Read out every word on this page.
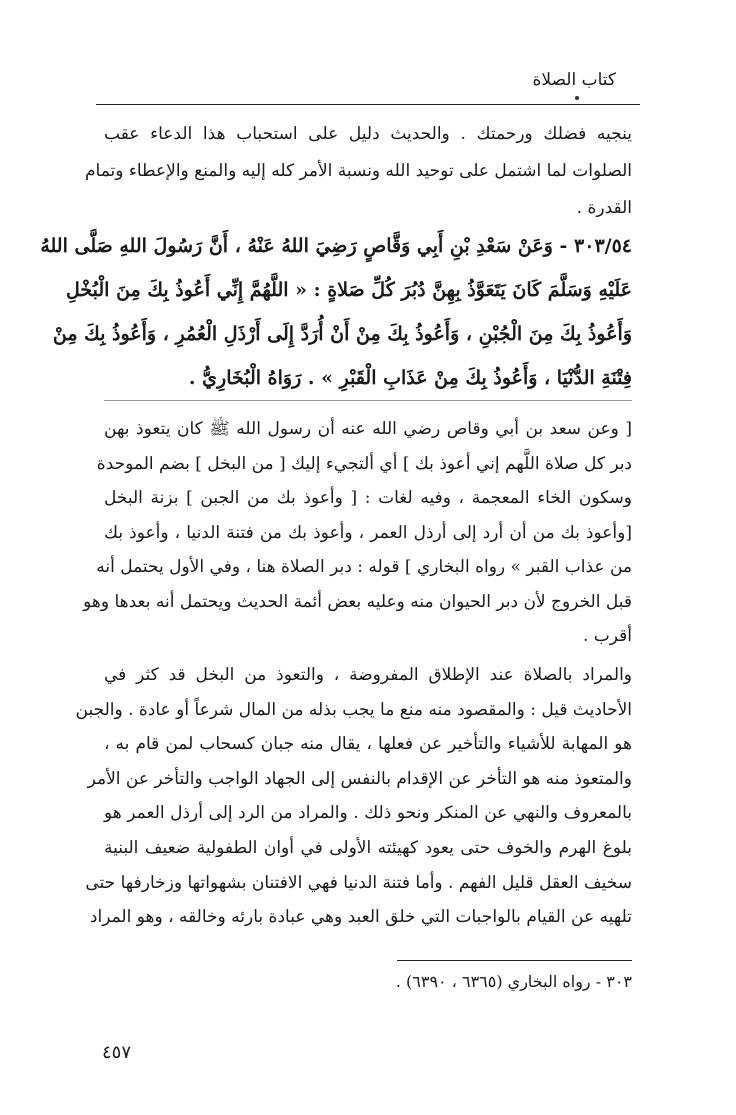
كتاب الصلاة
ينجيه فضلك ورحمتك . والحديث دليل على استحباب هذا الدعاء عقب
الصلوات لما اشتمل على توحيد الله ونسبة الأمر كله إليه والمنع والإعطاء وتمام
القدرة .
٣٠٣/٥٤ - وَعَنْ سَعْدِ بْنِ أَبِي وَقَّاصٍ رَضِيَ اللهُ عَنْهُ ، أَنَّ رَسُولَ اللهِ صَلَّى اللهُ
عَلَيْهِ وَسَلَّمَ كَانَ يَتَعَوَّذُ بِهِنَّ دُبُرَ كُلِّ صَلاةٍ : « اللَّهُمَّ إِنِّي أَعُوذُ بِكَ مِنَ الْبُخْلِ
وَأَعُوذُ بِكَ مِنَ الْجُبْنِ ، وَأَعُوذُ بِكَ مِنْ أَنْ أُرَدَّ إِلَى أَرْذَلِ الْعُمُرِ ، وَأَعُوذُ بِكَ مِنْ
فِتْنَةِ الدُّنْيَا ، وَأَعُوذُ بِكَ مِنْ عَذَابِ الْقَبْرِ » . رَوَاهُ الْبُخَارِيُّ .
[ وعن سعد بن أبي وقاص رضي الله عنه أن رسول الله ﷺ كان يتعوذ بهن
دبر كل صلاة اللَّهم إني أعوذ بك ] أي ألتجيء إليك [ من البخل ] بضم الموحدة
وسكون الخاء المعجمة ، وفيه لغات : [ وأعوذ بك من الجبن ] بزنة البخل
[وأعوذ بك من أن أرد إلى أرذل العمر ، وأعوذ بك من فتنة الدنيا ، وأعوذ بك
من عذاب القبر » رواه البخاري ] قوله : دبر الصلاة هنا ، وفي الأول يحتمل أنه
قبل الخروج لأن دبر الحيوان منه وعليه بعض أئمة الحديث ويحتمل أنه بعدها وهو
أقرب .
والمراد بالصلاة عند الإطلاق المفروضة ، والتعوذ من البخل قد كثر في
الأحاديث قيل : والمقصود منه منع ما يجب بذله من المال شرعاً أو عادة . والجبن
هو المهابة للأشياء والتأخير عن فعلها ، يقال منه جبان كسحاب لمن قام به ،
والمتعوذ منه هو التأخر عن الإقدام بالنفس إلى الجهاد الواجب والتأخر عن الأمر
بالمعروف والنهي عن المنكر ونحو ذلك . والمراد من الرد إلى أرذل العمر هو
بلوغ الهرم والخوف حتى يعود كهيئته الأولى في أوان الطفولية ضعيف البنية
سخيف العقل قليل الفهم . وأما فتنة الدنيا فهي الافتنان بشهواتها وزخارفها حتى
تلهيه عن القيام بالواجبات التي خلق العبد وهي عبادة بارئه وخالقه ، وهو المراد
٣٠٣ - رواه البخاري (٦٣٦٥ ، ٦٣٩٠) .
٤٥٧
